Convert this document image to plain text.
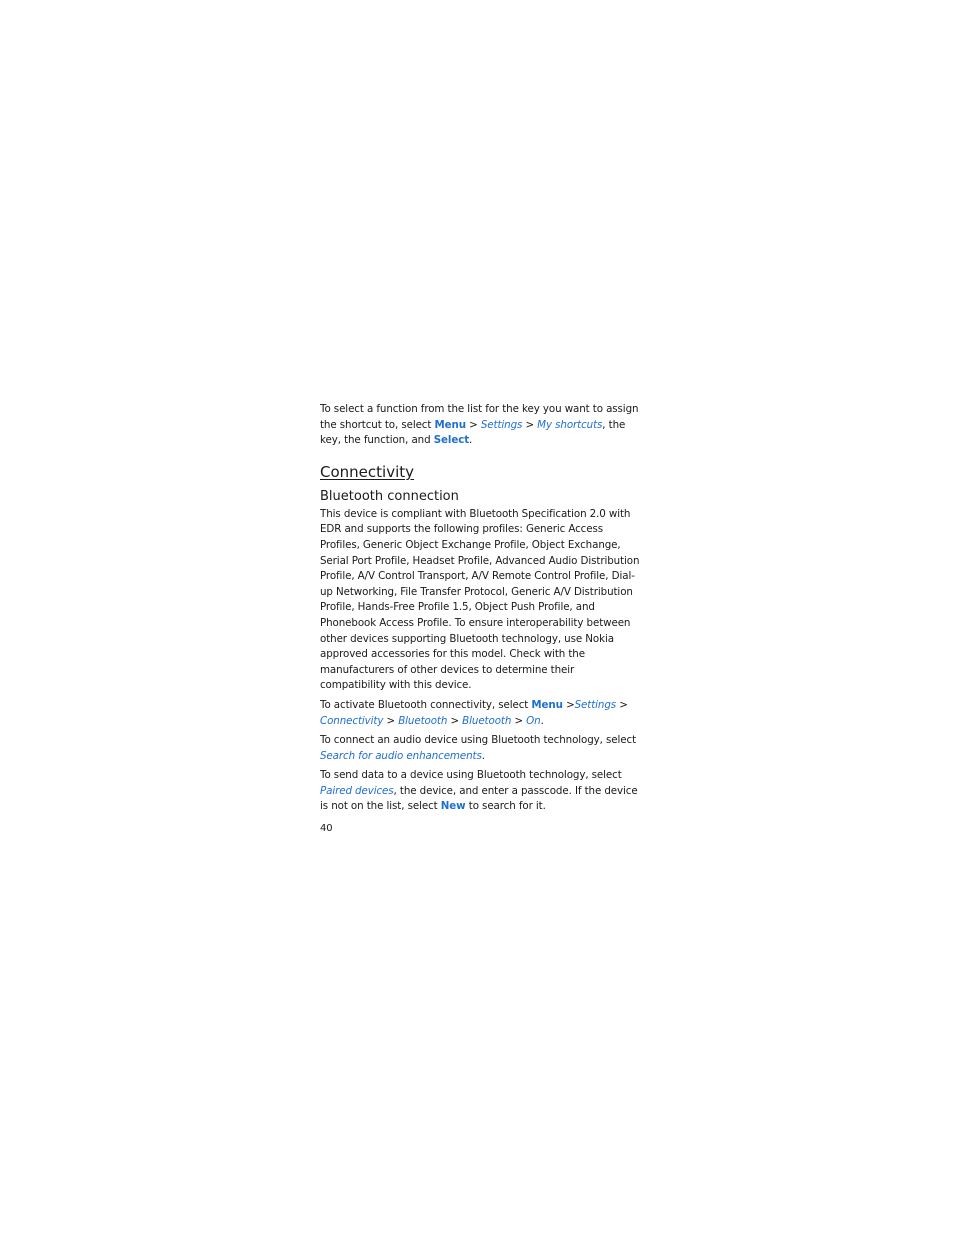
To select a function from the list for the key you want to assign the shortcut to, select Menu > Settings > My shortcuts, the key, the function, and Select.

Connectivity
Bluetooth connection

This device is compliant with Bluetooth Specification 2.0 with EDR and supports the following profiles: Generic Access Profiles, Generic Object Exchange Profile, Object Exchange, Serial Port Profile, Headset Profile, Advanced Audio Distribution Profile, A/V Control Transport, A/V Remote Control Profile, Dial-up Networking, File Transfer Protocol, Generic A/V Distribution Profile, Hands-Free Profile 1.5, Object Push Profile, and Phonebook Access Profile. To ensure interoperability between other devices supporting Bluetooth technology, use Nokia approved accessories for this model. Check with the manufacturers of other devices to determine their compatibility with this device.

To activate Bluetooth connectivity, select Menu >Settings > Connectivity > Bluetooth > Bluetooth > On.

To connect an audio device using Bluetooth technology, select Search for audio enhancements.

To send data to a device using Bluetooth technology, select Paired devices, the device, and enter a passcode. If the device is not on the list, select New to search for it.

40
